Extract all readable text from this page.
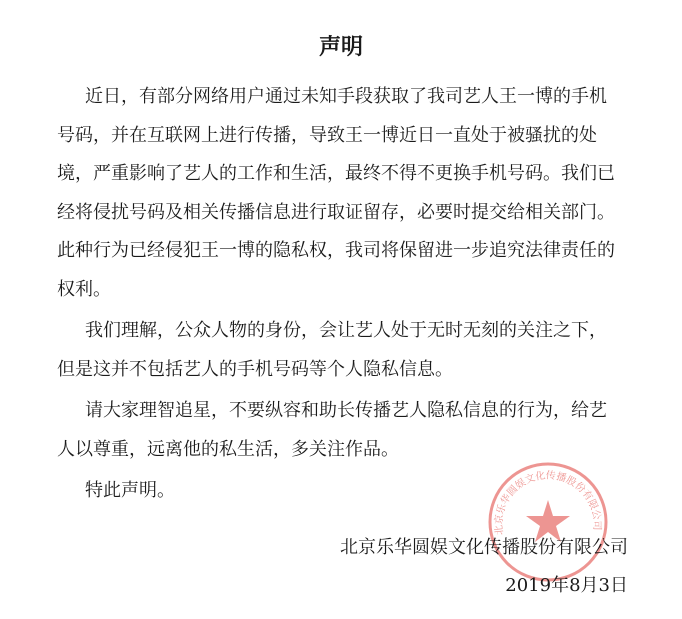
声明

近日，有部分网络用户通过未知手段获取了我司艺人王一博的手机
号码，并在互联网上进行传播，导致王一博近日一直处于被骚扰的处
境，严重影响了艺人的工作和生活，最终不得不更换手机号码。我们已
经将侵扰号码及相关传播信息进行取证留存，必要时提交给相关部门。
此种行为已经侵犯王一博的隐私权，我司将保留进一步追究法律责任的
权利。

我们理解，公众人物的身份，会让艺人处于无时无刻的关注之下，
但是这并不包括艺人的手机号码等个人隐私信息。

请大家理智追星，不要纵容和助长传播艺人隐私信息的行为，给艺
人以尊重，远离他的私生活，多关注作品。

特此声明。

北京乐华圆娱文化传播股份有限公司
北京乐华圆娱文化传播股份有限公司
2019年8月3日
